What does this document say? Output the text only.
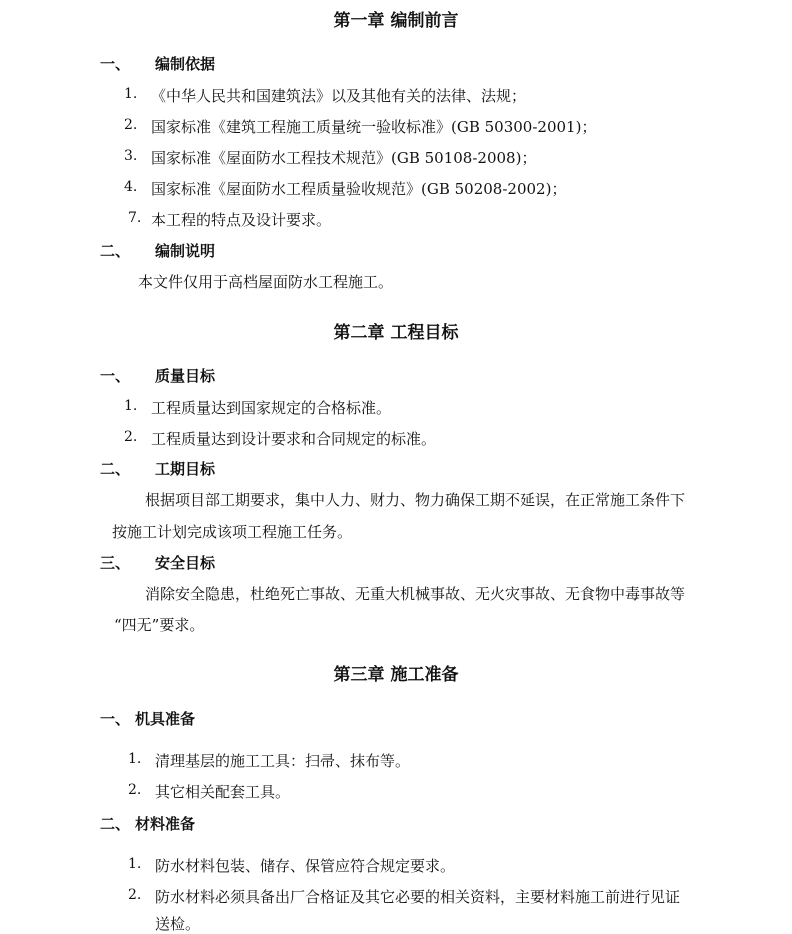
第一章 编制前言
一、 编制依据
1. 《中华人民共和国建筑法》以及其他有关的法律、法规；
2. 国家标准《建筑工程施工质量统一验收标准》(GB 50300-2001)；
3. 国家标准《屋面防水工程技术规范》(GB 50108-2008)；
4. 国家标准《屋面防水工程质量验收规范》(GB 50208-2002)；
7. 本工程的特点及设计要求。
二、 编制说明
本文件仅用于高档屋面防水工程施工。
第二章 工程目标
一、 质量目标
1. 工程质量达到国家规定的合格标准。
2. 工程质量达到设计要求和合同规定的标准。
二、 工期目标
根据项目部工期要求，集中人力、财力、物力确保工期不延误，在正常施工条件下
按施工计划完成该项工程施工任务。
三、 安全目标
消除安全隐患，杜绝死亡事故、无重大机械事故、无火灾事故、无食物中毒事故等
“四无”要求。
第三章 施工准备
一、 机具准备
1. 清理基层的施工工具：扫帚、抹布等。
2. 其它相关配套工具。
二、 材料准备
1. 防水材料包装、储存、保管应符合规定要求。
2. 防水材料必须具备出厂合格证及其它必要的相关资料，主要材料施工前进行见证
送检。
